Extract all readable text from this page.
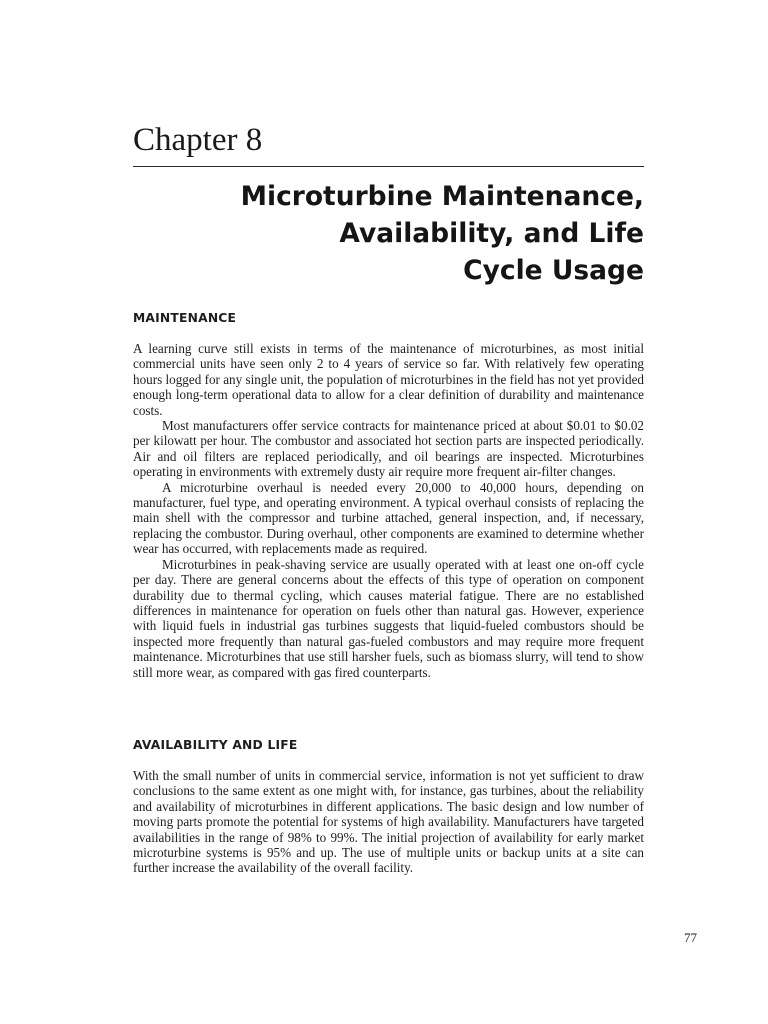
Chapter 8
Microturbine Maintenance,
Availability, and Life
Cycle Usage
MAINTENANCE

A learning curve still exists in terms of the maintenance of microturbines, as most initial commercial units have seen only 2 to 4 years of service so far. With relatively few operating hours logged for any single unit, the population of microturbines in the field has not yet provided enough long-term operational data to allow for a clear definition of durability and maintenance costs.

Most manufacturers offer service contracts for maintenance priced at about $0.01 to $0.02 per kilowatt per hour. The combustor and associated hot section parts are inspected periodically. Air and oil filters are replaced periodically, and oil bearings are inspected. Microturbines operating in environments with extremely dusty air require more frequent air-filter changes.

A microturbine overhaul is needed every 20,000 to 40,000 hours, depending on manufacturer, fuel type, and operating environment. A typical overhaul consists of replacing the main shell with the compressor and turbine attached, general inspection, and, if necessary, replacing the combustor. During overhaul, other components are examined to determine whether wear has occurred, with replacements made as required.

Microturbines in peak-shaving service are usually operated with at least one on-off cycle per day. There are general concerns about the effects of this type of operation on component durability due to thermal cycling, which causes material fatigue. There are no established differences in maintenance for operation on fuels other than natural gas. However, experience with liquid fuels in industrial gas turbines suggests that liquid-fueled combustors should be inspected more frequently than natural gas-fueled combustors and may require more frequent maintenance. Microturbines that use still harsher fuels, such as biomass slurry, will tend to show still more wear, as compared with gas fired counterparts.

AVAILABILITY AND LIFE

With the small number of units in commercial service, information is not yet sufficient to draw conclusions to the same extent as one might with, for instance, gas turbines, about the reliability and availability of microturbines in different applications. The basic design and low number of moving parts promote the potential for systems of high availability. Manufacturers have targeted availabilities in the range of 98% to 99%. The initial projection of availability for early market microturbine systems is 95% and up. The use of multiple units or backup units at a site can further increase the availability of the overall facility.

77
